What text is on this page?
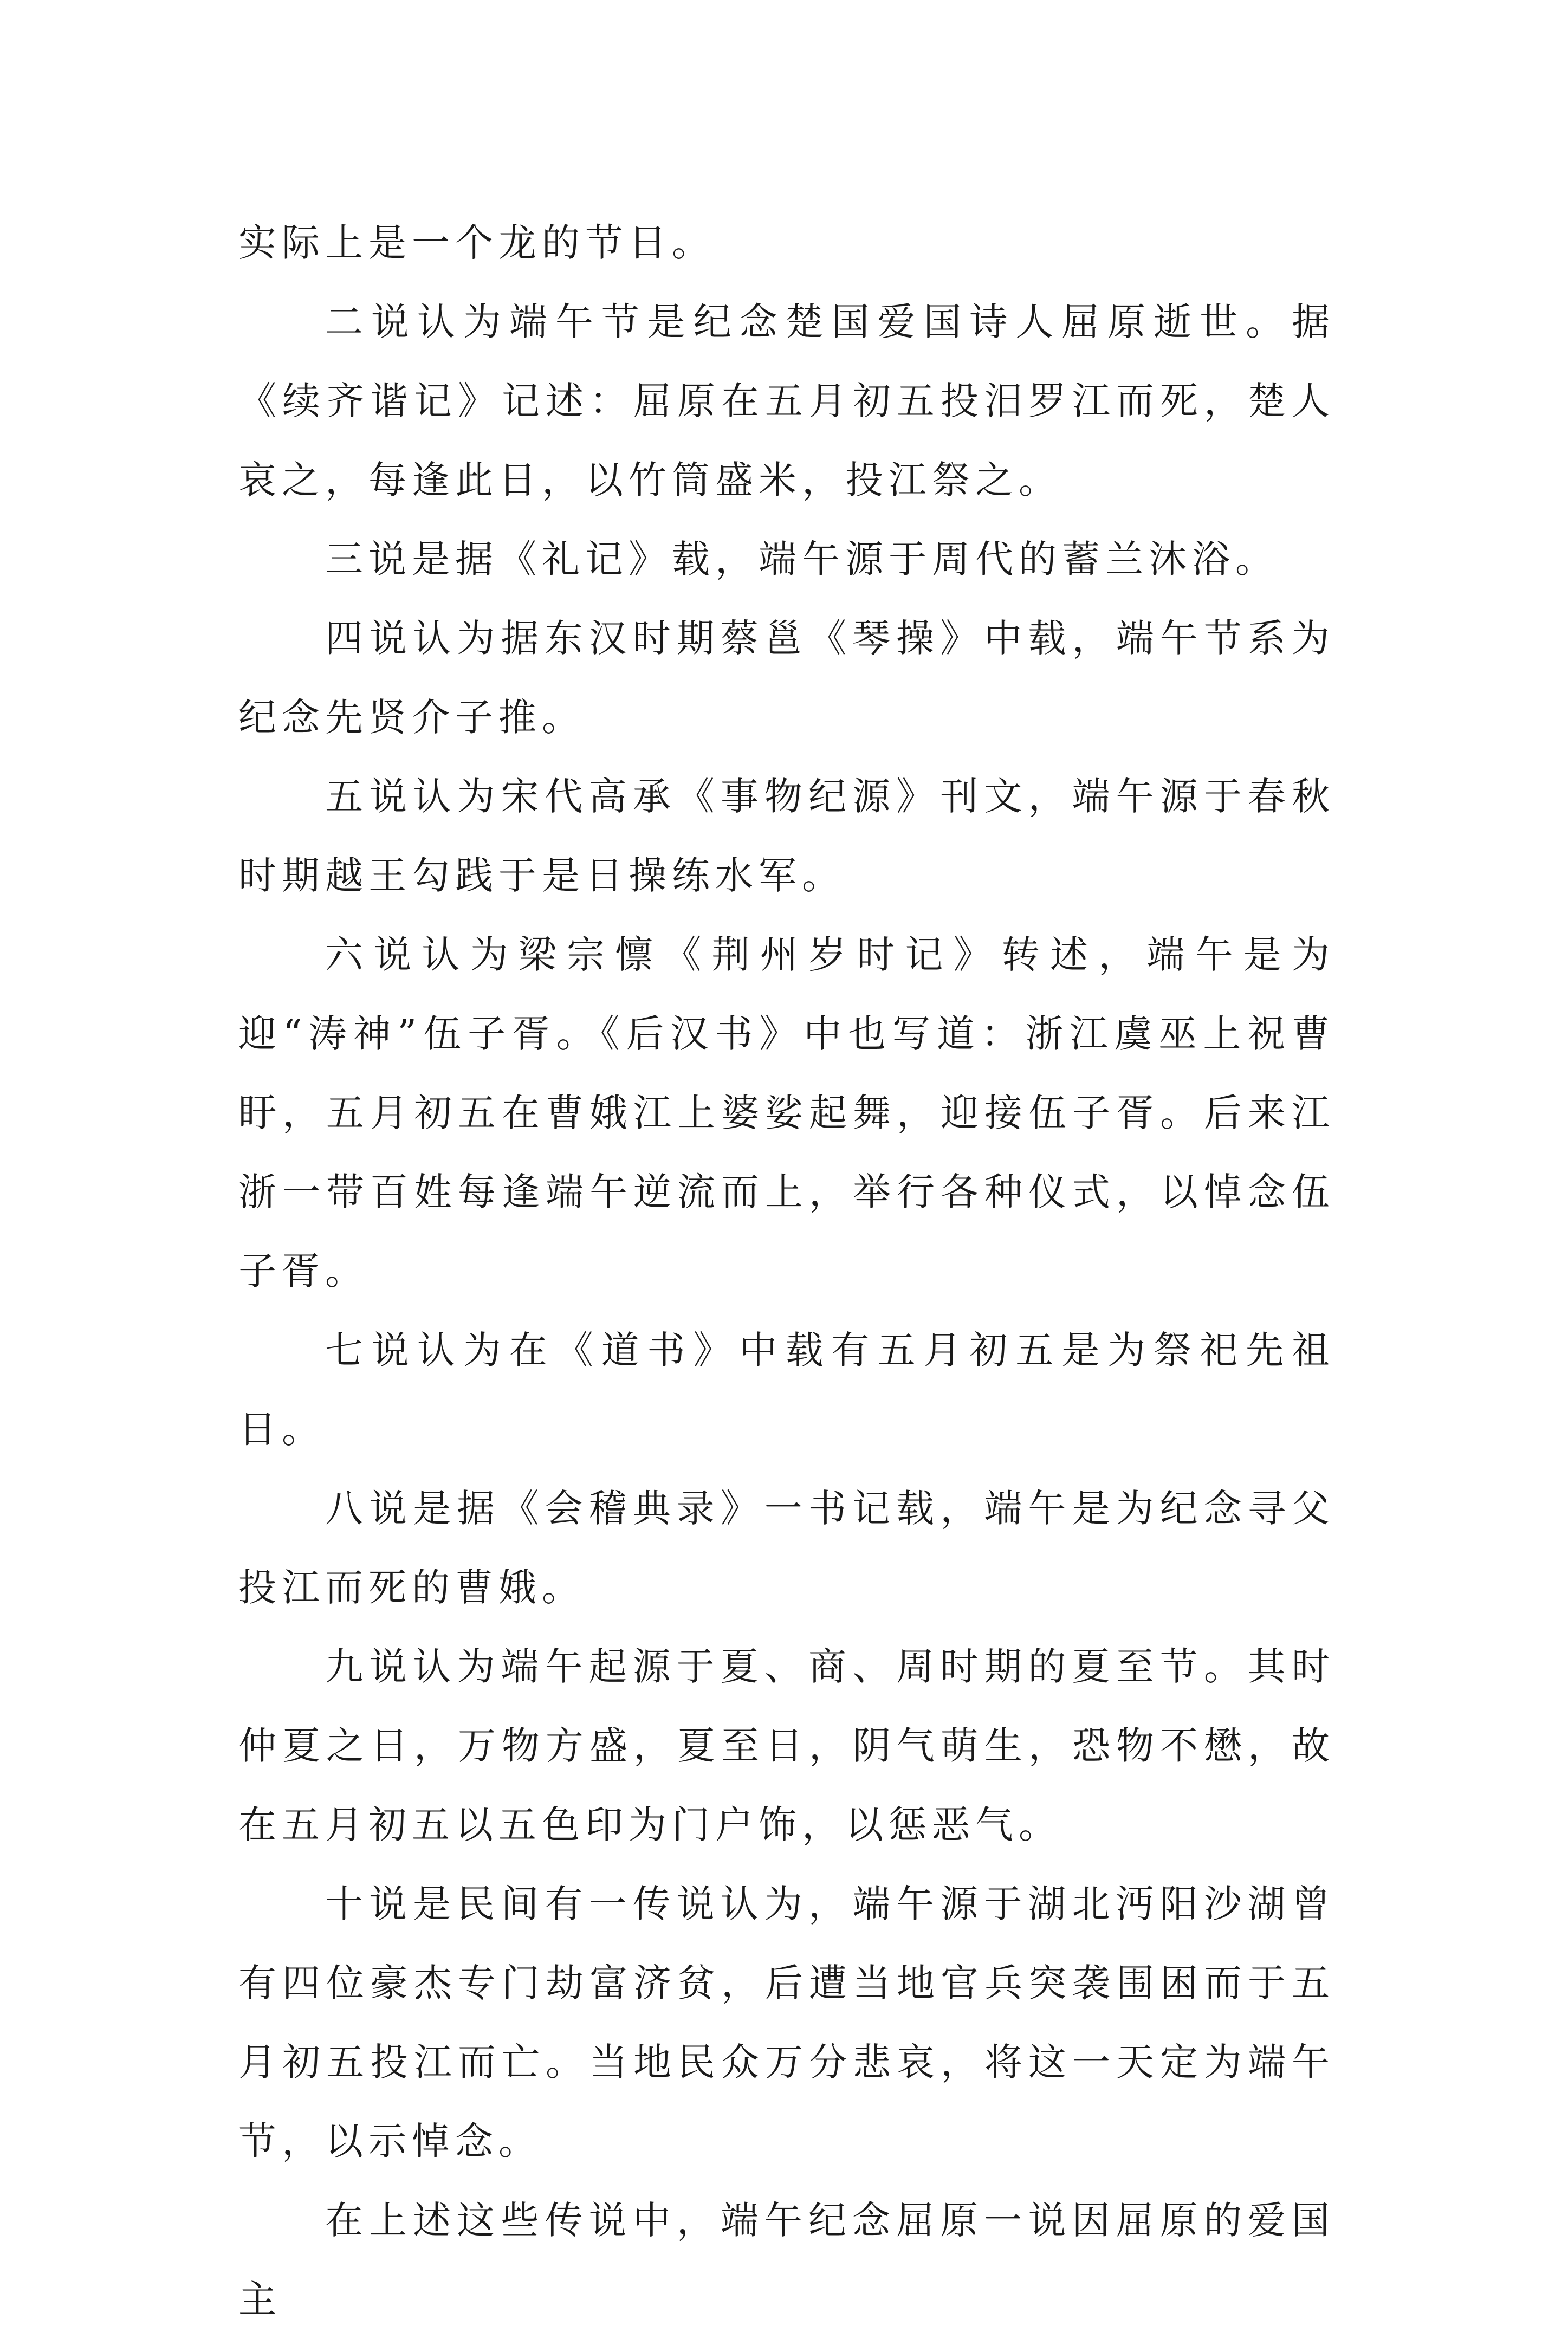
实际上是一个龙的节日。

二说认为端午节是纪念楚国爱国诗人屈原逝世。据《续齐谐记》记述：屈原在五月初五投汨罗江而死，楚人哀之，每逢此日，以竹筒盛米，投江祭之。

三说是据《礼记》载，端午源于周代的蓄兰沐浴。

四说认为据东汉时期蔡邕《琴操》中载，端午节系为纪念先贤介子推。

五说认为宋代高承《事物纪源》刊文，端午源于春秋时期越王勾践于是日操练水军。

六说认为梁宗懔《荆州岁时记》转述，端午是为迎“涛神”伍子胥。《后汉书》中也写道：浙江虞巫上祝曹盱，五月初五在曹娥江上婆娑起舞，迎接伍子胥。后来江浙一带百姓每逢端午逆流而上，举行各种仪式，以悼念伍子胥。

七说认为在《道书》中载有五月初五是为祭祀先祖日。

八说是据《会稽典录》一书记载，端午是为纪念寻父投江而死的曹娥。

九说认为端午起源于夏、商、周时期的夏至节。其时仲夏之日，万物方盛，夏至日，阴气萌生，恐物不懋，故在五月初五以五色印为门户饰，以惩恶气。

十说是民间有一传说认为，端午源于湖北沔阳沙湖曾有四位豪杰专门劫富济贫，后遭当地官兵突袭围困而于五月初五投江而亡。当地民众万分悲哀，将这一天定为端午节，以示悼念。

在上述这些传说中，端午纪念屈原一说因屈原的爱国主
